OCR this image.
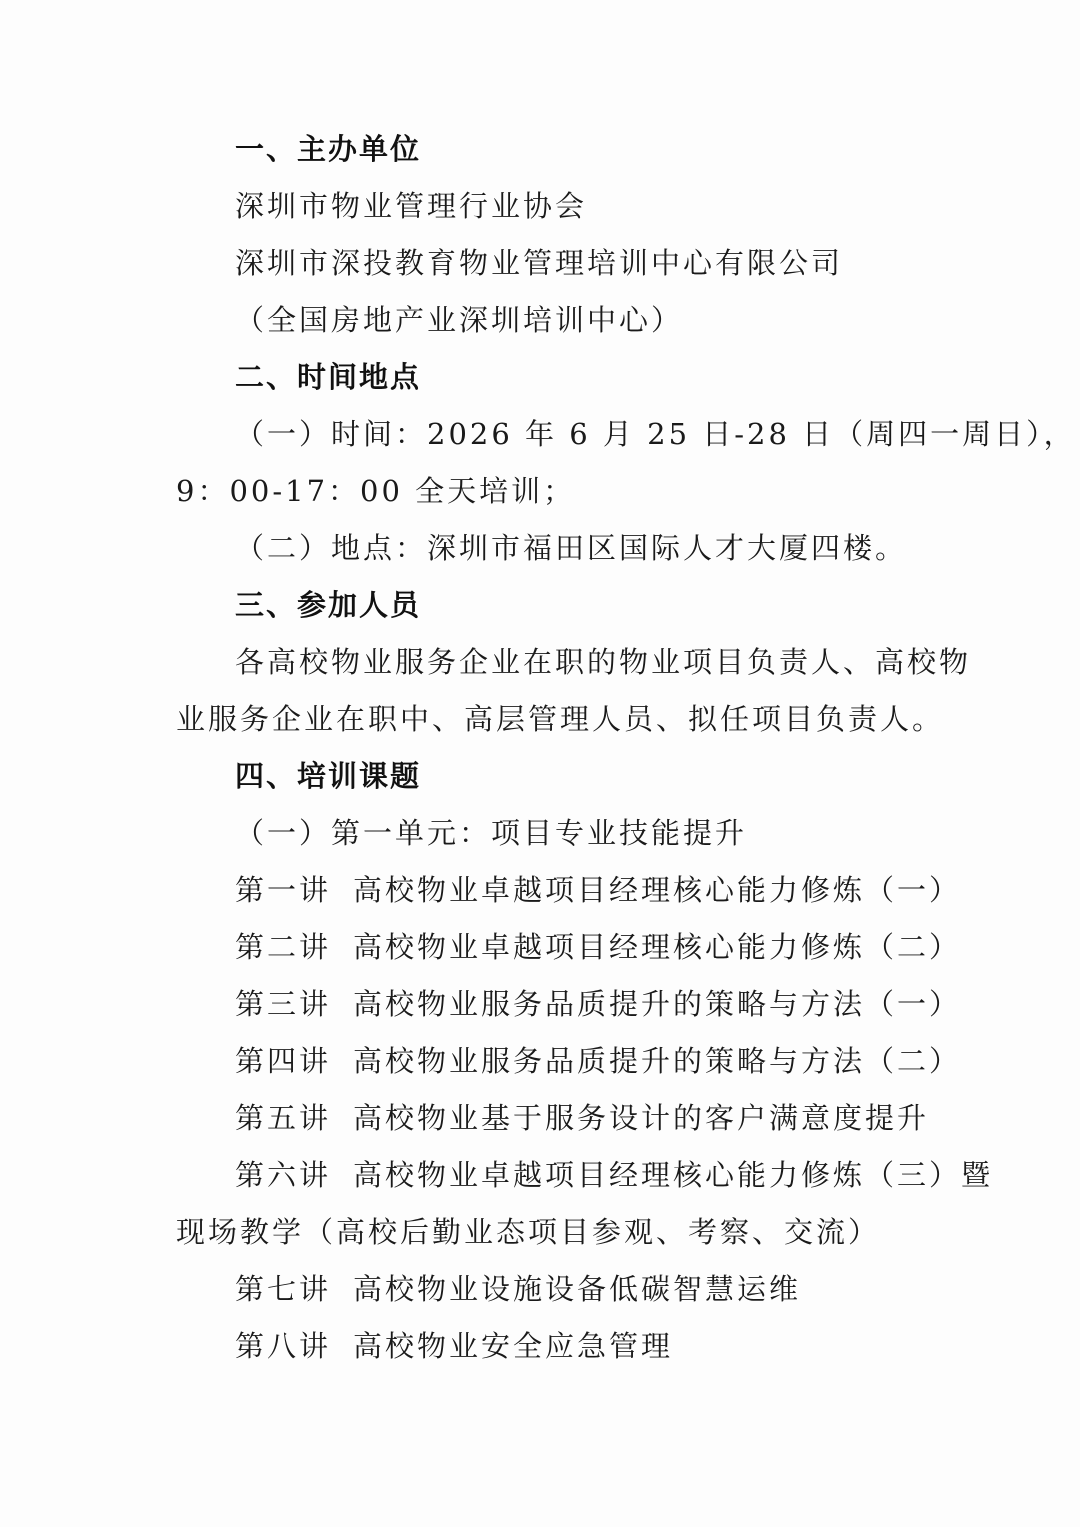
一、主办单位
深圳市物业管理行业协会
深圳市深投教育物业管理培训中心有限公司
（全国房地产业深圳培训中心）
二、时间地点
（一）时间：2026 年 6 月 25 日-28 日（周四一周日），
9：00-17：00 全天培训；
（二）地点：深圳市福田区国际人才大厦四楼。
三、参加人员
各高校物业服务企业在职的物业项目负责人、高校物
业服务企业在职中、高层管理人员、拟任项目负责人。
四、培训课题
（一）第一单元：项目专业技能提升
第一讲 高校物业卓越项目经理核心能力修炼（一）
第二讲 高校物业卓越项目经理核心能力修炼（二）
第三讲 高校物业服务品质提升的策略与方法（一）
第四讲 高校物业服务品质提升的策略与方法（二）
第五讲 高校物业基于服务设计的客户满意度提升
第六讲 高校物业卓越项目经理核心能力修炼（三）暨
现场教学（高校后勤业态项目参观、考察、交流）
第七讲 高校物业设施设备低碳智慧运维
第八讲 高校物业安全应急管理
